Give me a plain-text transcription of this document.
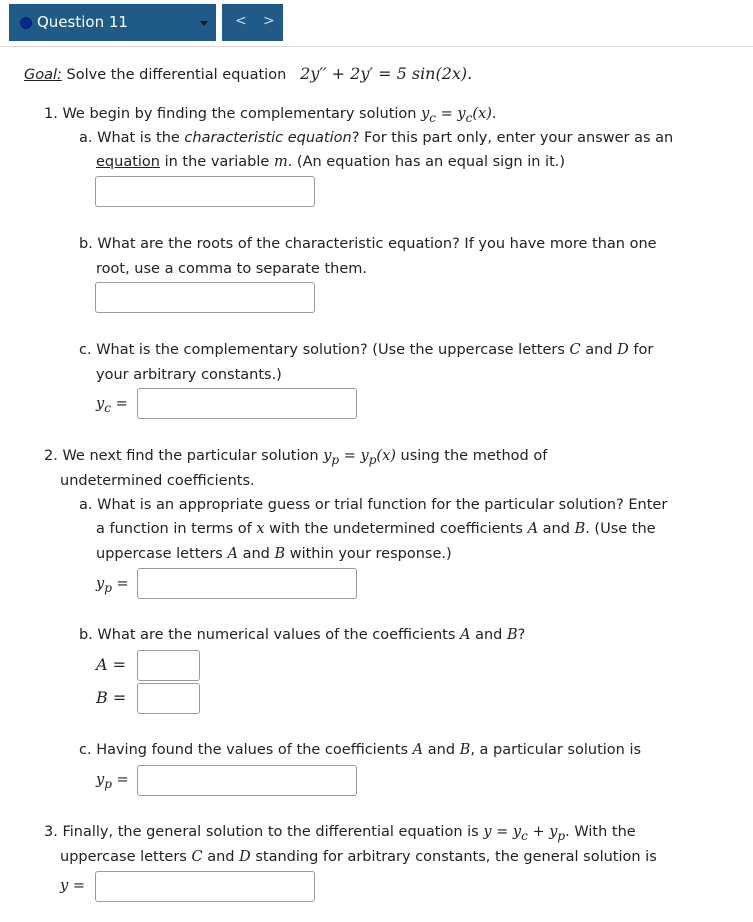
Question 11	< >
Goal: Solve the differential equation 2y′′ + 2y′ = 5 sin(2x).
1. We begin by finding the complementary solution $y_c = y_c(x)$.
a. What is the characteristic equation? For this part only, enter your answer as an
equation in the variable m. (An equation has an equal sign in it.)
b. What are the roots of the characteristic equation? If you have more than one
root, use a comma to separate them.
c. What is the complementary solution? (Use the uppercase letters C and D for
your arbitrary constants.)
$y_c$ =
2. We next find the particular solution $y_p = y_p(x)$ using the method of
undetermined coefficients.
a. What is an appropriate guess or trial function for the particular solution? Enter
a function in terms of x with the undetermined coefficients A and B. (Use the
uppercase letters A and B within your response.)
$y_p$ =
b. What are the numerical values of the coefficients A and B?
A =
B =
c. Having found the values of the coefficients A and B, a particular solution is
$y_p$ =
3. Finally, the general solution to the differential equation is $y = y_c + y_p$. With the
uppercase letters C and D standing for arbitrary constants, the general solution is
y =
